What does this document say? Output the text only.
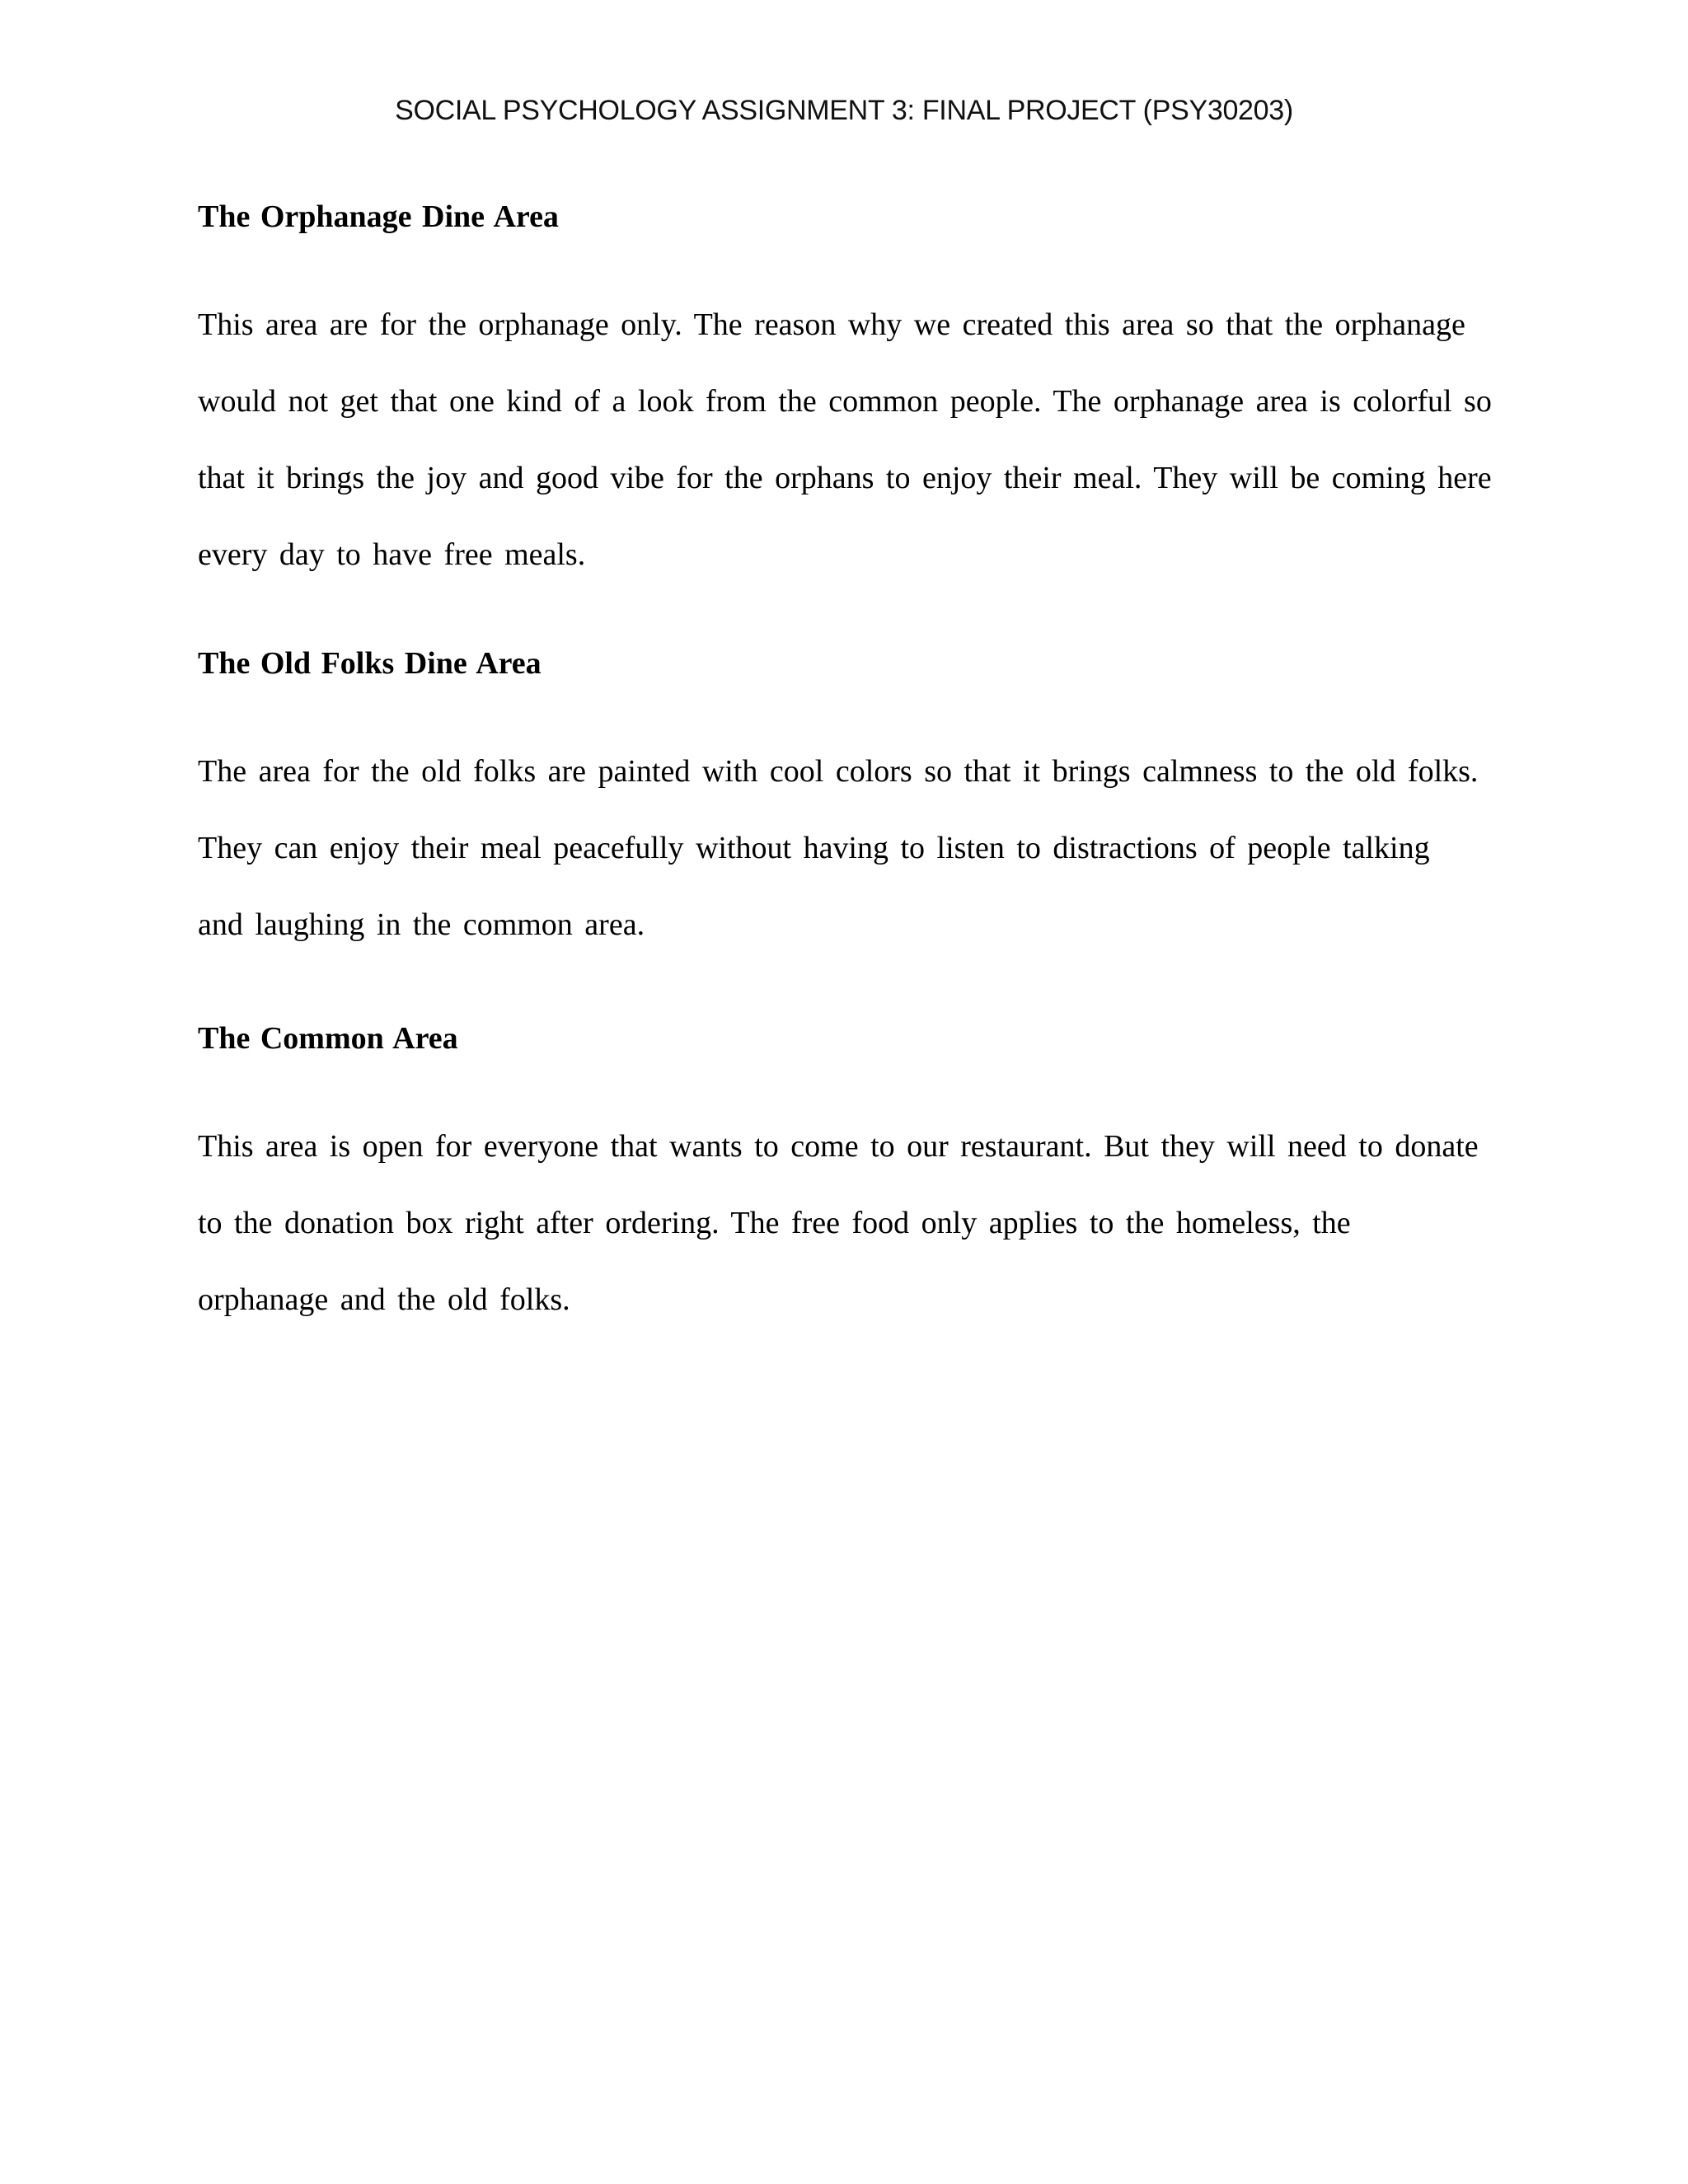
SOCIAL PSYCHOLOGY ASSIGNMENT 3: FINAL PROJECT (PSY30203)
The Orphanage Dine Area

This area are for the orphanage only. The reason why we created this area so that the orphanage
would not get that one kind of a look from the common people. The orphanage area is colorful so
that it brings the joy and good vibe for the orphans to enjoy their meal. They will be coming here
every day to have free meals.

The Old Folks Dine Area

The area for the old folks are painted with cool colors so that it brings calmness to the old folks.
They can enjoy their meal peacefully without having to listen to distractions of people talking
and laughing in the common area.

The Common Area

This area is open for everyone that wants to come to our restaurant. But they will need to donate
to the donation box right after ordering. The free food only applies to the homeless, the
orphanage and the old folks.
